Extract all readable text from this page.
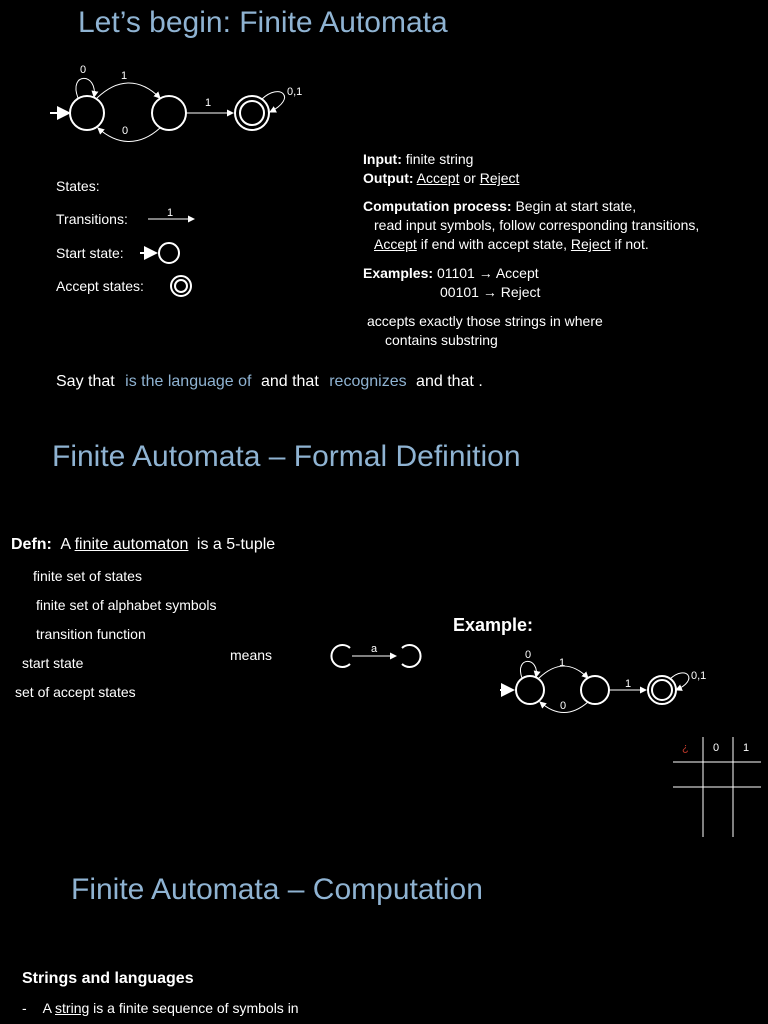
Let’s begin: Finite Automata
0	1
0
1
0,1
States:
Transitions:	1
Start state:
Accept states:
Input: finite string
Output: Accept or Reject
Computation process: Begin at start state,
read input symbols, follow corresponding transitions,
Accept if end with accept state, Reject if not.
Examples: 01101 → Accept
00101 → Reject
accepts exactly those strings in where
contains substring
Say that is the language of and that recognizes and that .
Finite Automata – Formal Definition
Defn: A finite automaton is a 5-tuple
finite set of states
finite set of alphabet symbols
transition function
start state
set of accept states
means	a
Example:
0
1
0
1
0,1
¿ 0 1
Finite Automata – Computation
Strings and languages
- A string is a finite sequence of symbols in
